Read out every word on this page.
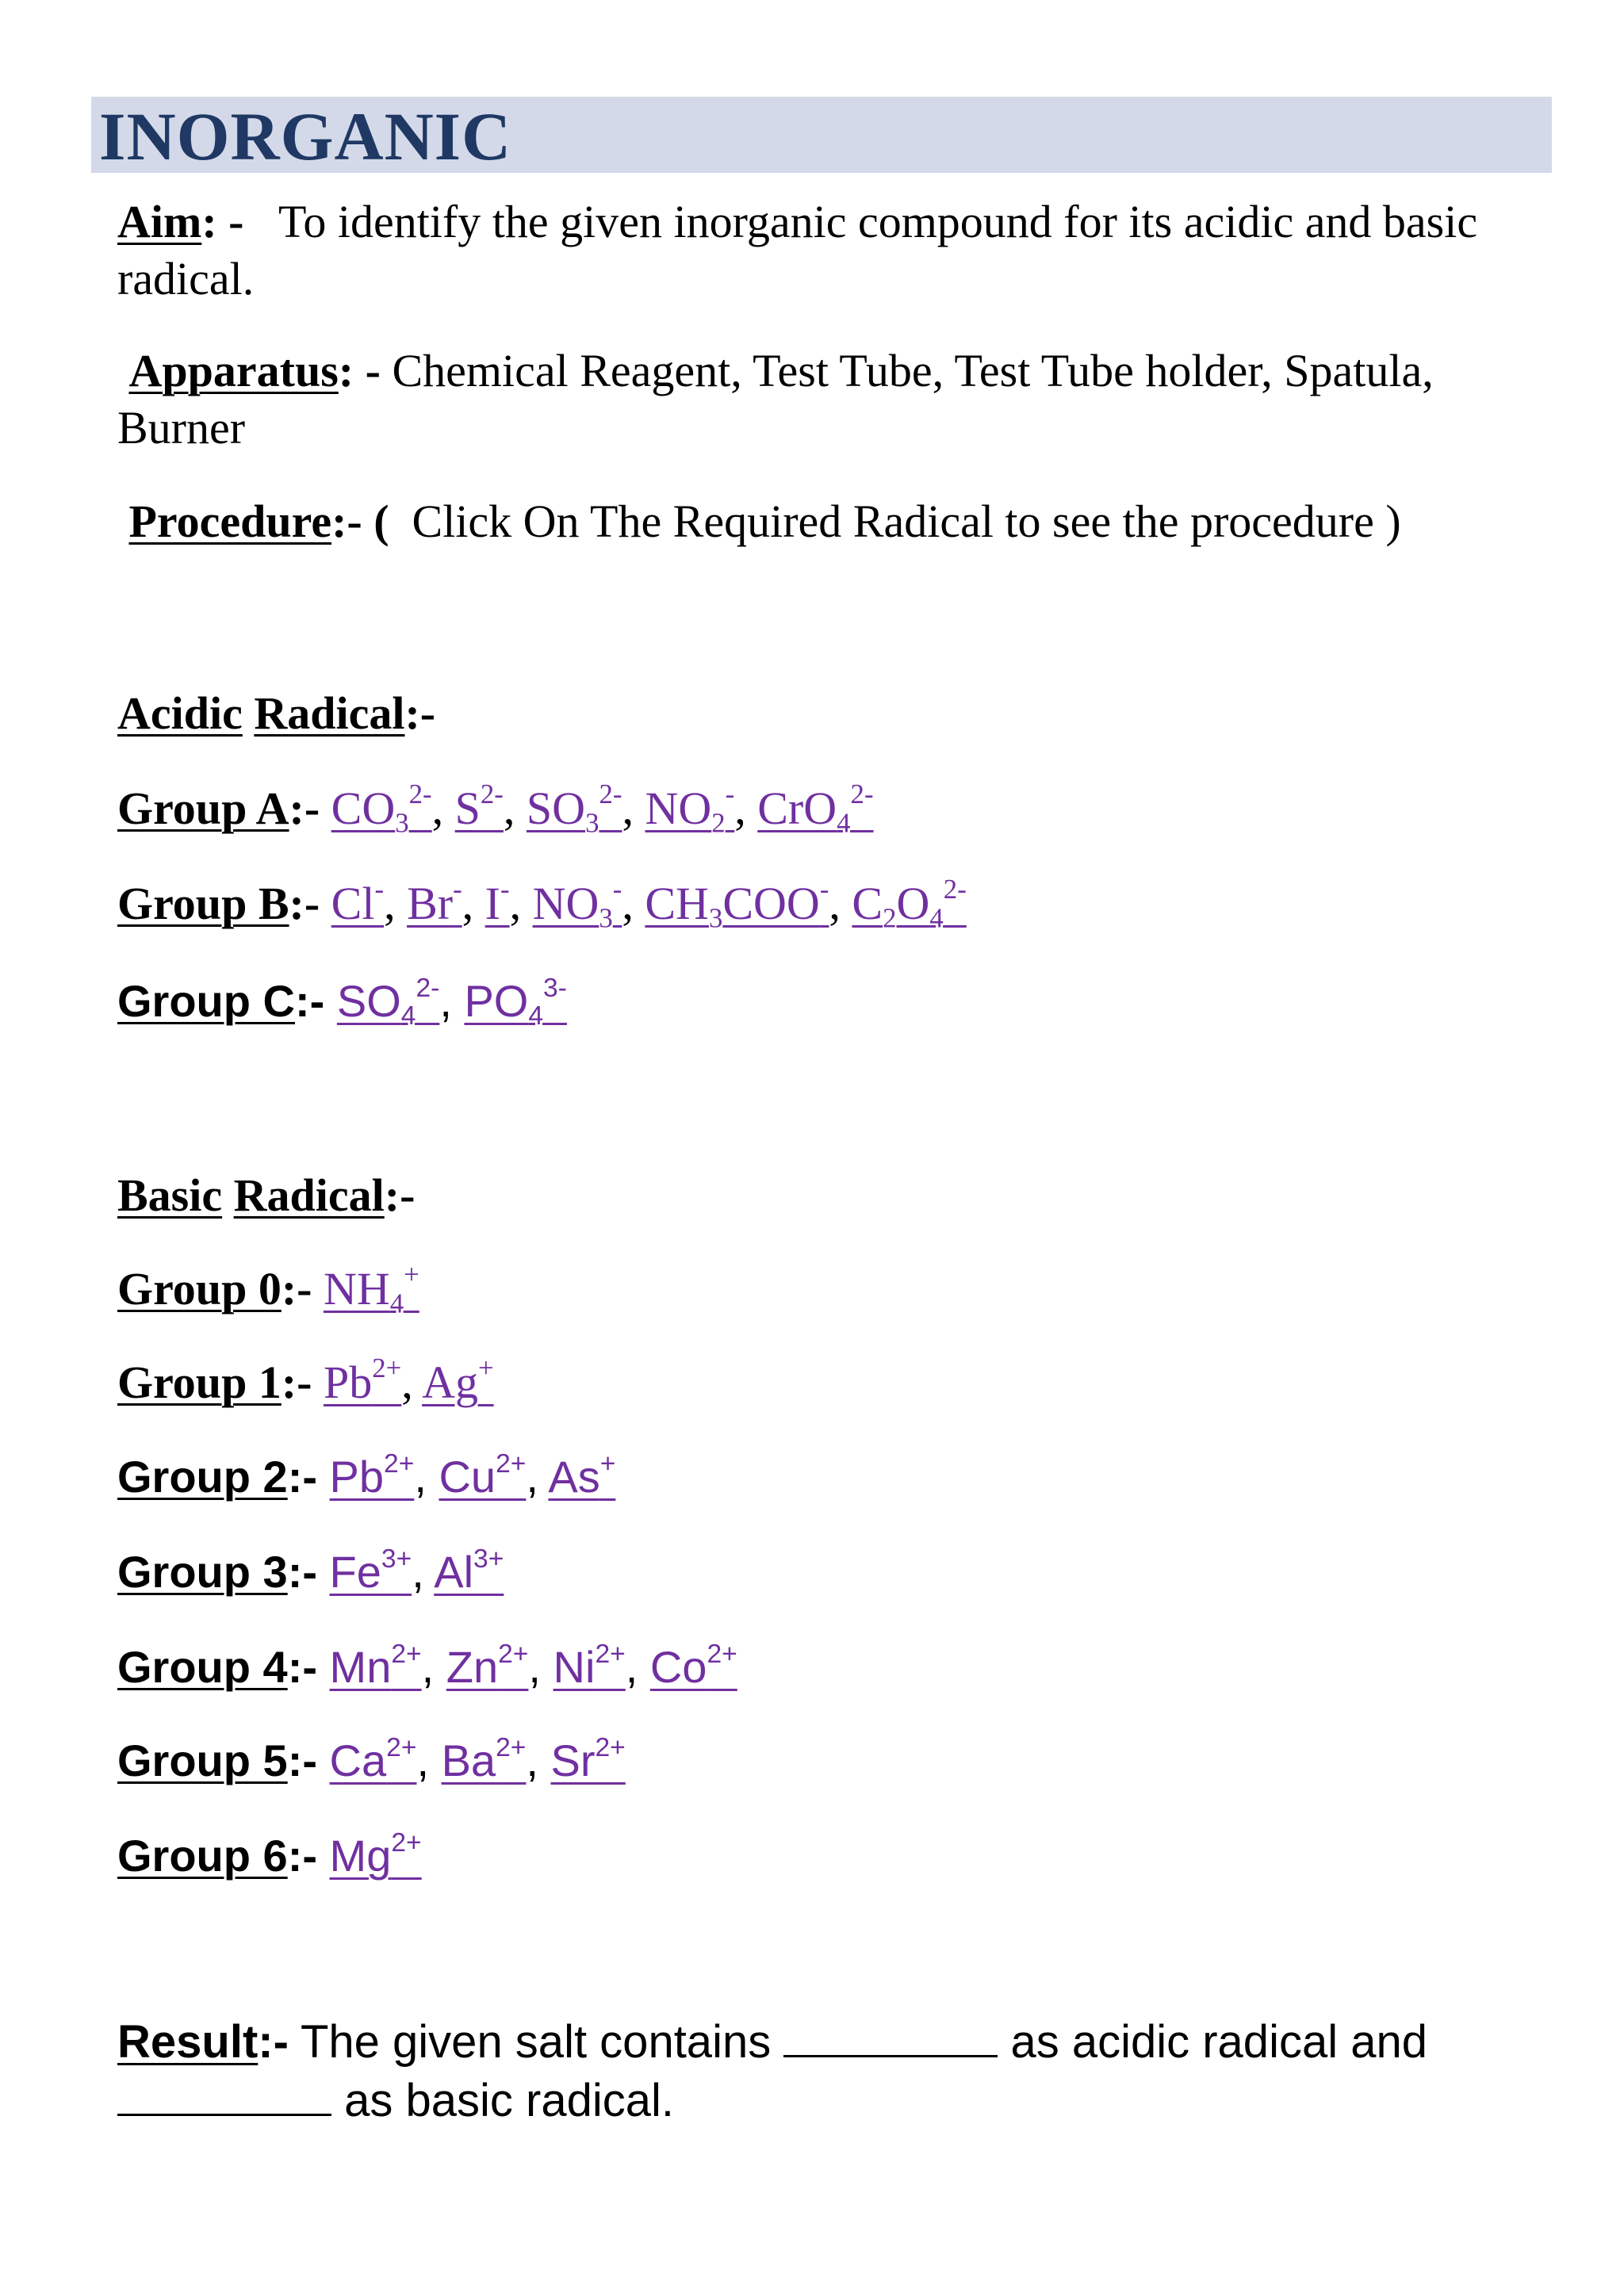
INORGANIC
Aim: - To identify the given inorganic compound for its acidic and basic
radical.
Apparatus: - Chemical Reagent, Test Tube, Test Tube holder, Spatula,
Burner
Procedure:- ( Click On The Required Radical to see the procedure )
Acidic Radical:-
Group A:- $CO_3^{2-}$, $S^{2-}$, $SO_3^{2-}$, $NO_2^-$, CrO$_4^{2-}$
Group B:- Cl-, Br-, I-, $NO_3^-$, $CH_3COO^-$, $C_2O_4^{2-}$
Group C:- $SO_4^{2-}$, $PO_4^{3-}$
Basic Radical:-
Group 0:- $NH_4^+$
Group 1:- $Pb^{2+}$, Ag+
Group 2:- $Pb^{2+}$, $Cu^{2+}$, As+
Group 3:- $Fe^{3+}$, $Al^{3+}$
Group 4:- $Mn^{2+}$, $Zn^{2+}$, $Ni^{2+}$, $Co^{2+}$
Group 5:- $Ca^{2+}$, $Ba^{2+}$, $Sr^{2+}$
Group 6:- $Mg^{2+}$
Result:- The given salt contains	as acidic radical and
as basic radical.
